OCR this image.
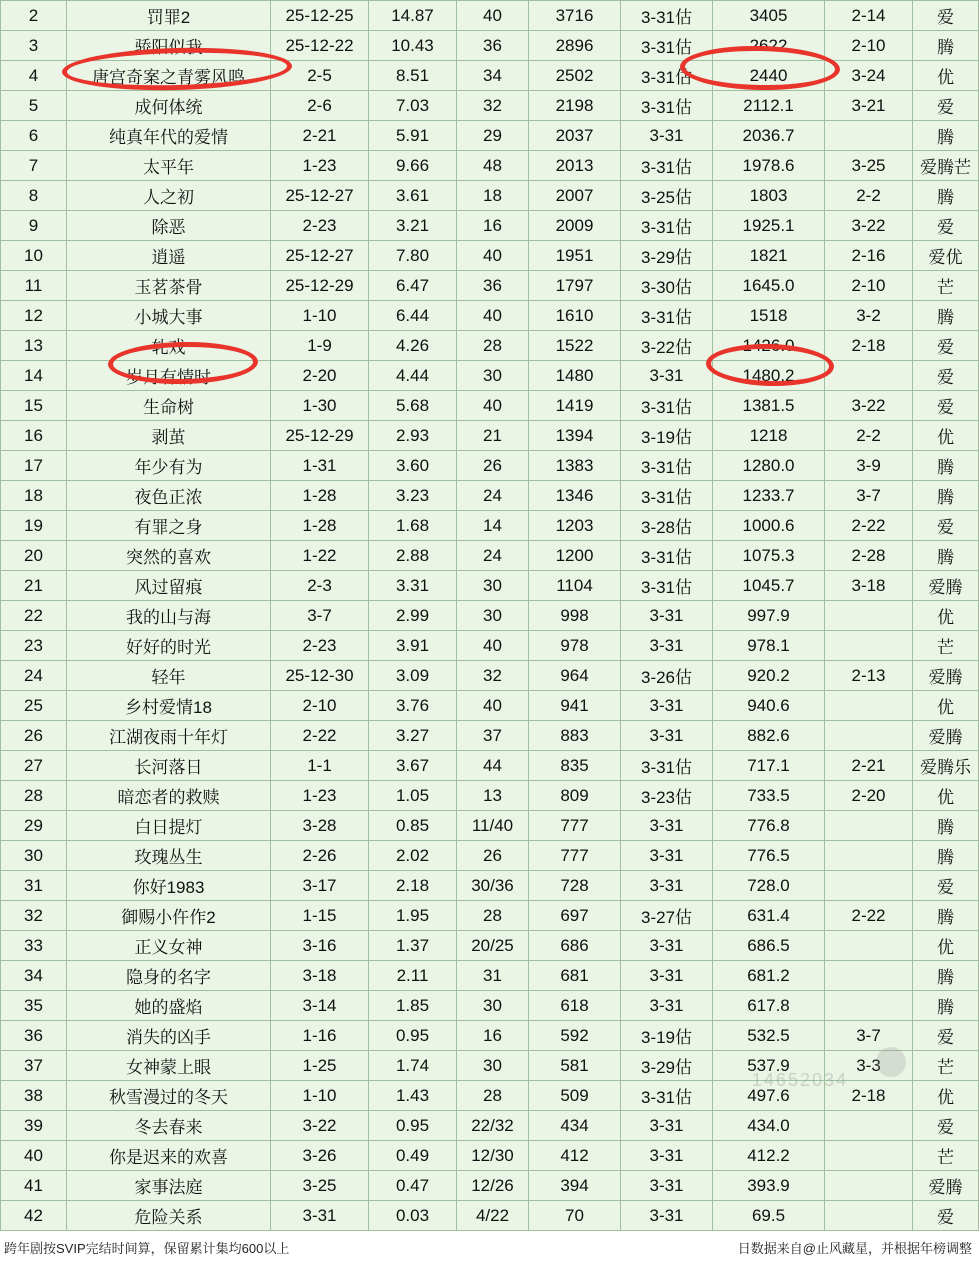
2	罚罪2	25-12-25	14.87	40	3716	3-31估	3405	2-14	爱
3	骄阳似我	25-12-22	10.43	36	2896	3-31估	2622	2-10	腾
4	唐宫奇案之青雾风鸣	2-5	8.51	34	2502	3-31估	2440	3-24	优
5	成何体统	2-6	7.03	32	2198	3-31估	2112.1	3-21	爱
6	纯真年代的爱情	2-21	5.91	29	2037	3-31	2036.7		腾
7	太平年	1-23	9.66	48	2013	3-31估	1978.6	3-25	爱腾芒
8	人之初	25-12-27	3.61	18	2007	3-25估	1803	2-2	腾
9	除恶	2-23	3.21	16	2009	3-31估	1925.1	3-22	爱
10	逍遥	25-12-27	7.80	40	1951	3-29估	1821	2-16	爱优
11	玉茗茶骨	25-12-29	6.47	36	1797	3-30估	1645.0	2-10	芒
12	小城大事	1-10	6.44	40	1610	3-31估	1518	3-2	腾
13	轧戏	1-9	4.26	28	1522	3-22估	1426.0	2-18	爱
14	岁月有情时	2-20	4.44	30	1480	3-31	1480.2		爱
15	生命树	1-30	5.68	40	1419	3-31估	1381.5	3-22	爱
16	剥茧	25-12-29	2.93	21	1394	3-19估	1218	2-2	优
17	年少有为	1-31	3.60	26	1383	3-31估	1280.0	3-9	腾
18	夜色正浓	1-28	3.23	24	1346	3-31估	1233.7	3-7	腾
19	有罪之身	1-28	1.68	14	1203	3-28估	1000.6	2-22	爱
20	突然的喜欢	1-22	2.88	24	1200	3-31估	1075.3	2-28	腾
21	风过留痕	2-3	3.31	30	1104	3-31估	1045.7	3-18	爱腾
22	我的山与海	3-7	2.99	30	998	3-31	997.9		优
23	好好的时光	2-23	3.91	40	978	3-31	978.1		芒
24	轻年	25-12-30	3.09	32	964	3-26估	920.2	2-13	爱腾
25	乡村爱情18	2-10	3.76	40	941	3-31	940.6		优
26	江湖夜雨十年灯	2-22	3.27	37	883	3-31	882.6		爱腾
27	长河落日	1-1	3.67	44	835	3-31估	717.1	2-21	爱腾乐
28	暗恋者的救赎	1-23	1.05	13	809	3-23估	733.5	2-20	优
29	白日提灯	3-28	0.85	11/40	777	3-31	776.8		腾
30	玫瑰丛生	2-26	2.02	26	777	3-31	776.5		腾
31	你好1983	3-17	2.18	30/36	728	3-31	728.0		爱
32	御赐小仵作2	1-15	1.95	28	697	3-27估	631.4	2-22	腾
33	正义女神	3-16	1.37	20/25	686	3-31	686.5		优
34	隐身的名字	3-18	2.11	31	681	3-31	681.2		腾
35	她的盛焰	3-14	1.85	30	618	3-31	617.8		腾
36	消失的凶手	1-16	0.95	16	592	3-19估	532.5	3-7	爱
37	女神蒙上眼	1-25	1.74	30	581	3-29估	537.9	3-3	芒
38	秋雪漫过的冬天	1-10	1.43	28	509	3-31估	497.6	2-18	优
39	冬去春来	3-22	0.95	22/32	434	3-31	434.0		爱
40	你是迟来的欢喜	3-26	0.49	12/30	412	3-31	412.2		芒
41	家事法庭	3-25	0.47	12/26	394	3-31	393.9		爱腾
42	危险关系	3-31	0.03	4/22	70	3-31	69.5		爱
跨年剧按SVIP完结时间算，保留累计集均600以上	日数据来自@止风藏星，并根据年榜调整
14652034
